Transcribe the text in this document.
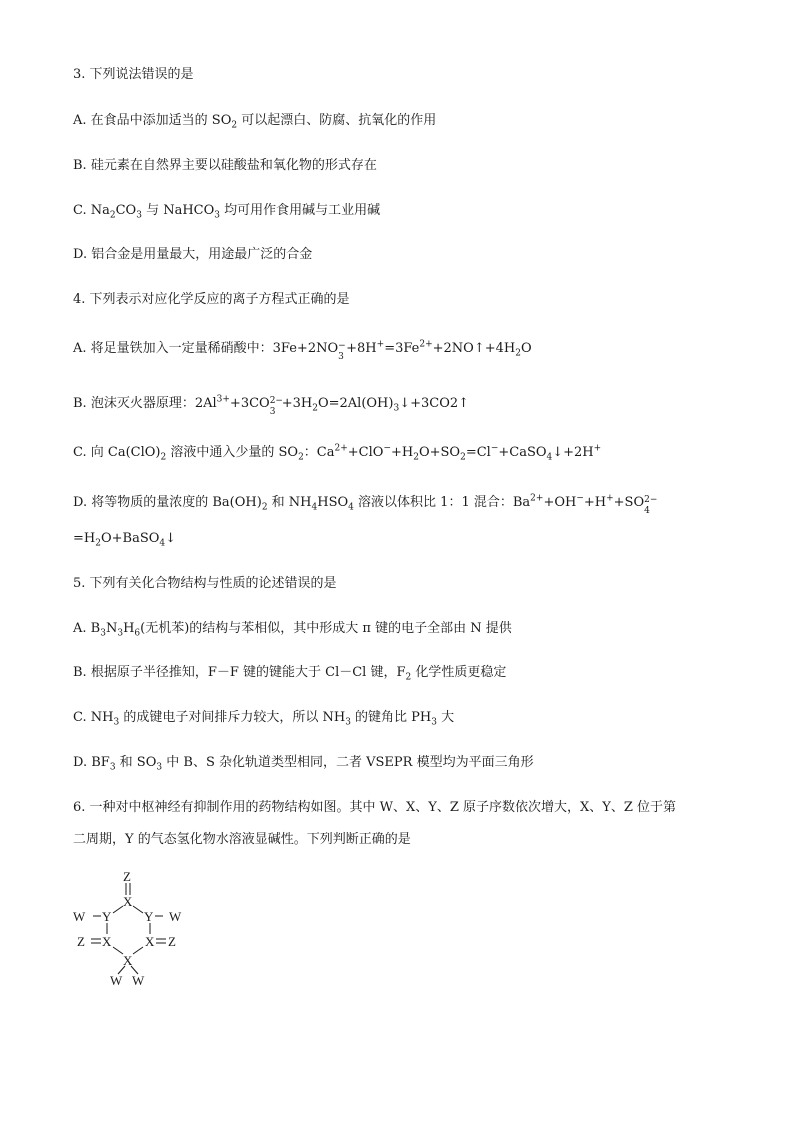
3. 下列说法错误的是
A. 在食品中添加适当的 $SO_2$ 可以起漂白、防腐、抗氧化的作用
B. 硅元素在自然界主要以硅酸盐和氧化物的形式存在
C. $Na_2CO_3$ 与 NaHCO$_3$ 均可用作食用碱与工业用碱
D. 铝合金是用量最大，用途最广泛的合金
4. 下列表示对应化学反应的离子方程式正确的是
A. 将足量铁加入一定量稀硝酸中：3Fe+2NO −
3
$+8H^+=3Fe^{2+}+2NO↑+4H_2O$
B. 泡沫灭火器原理：$2Al^{3+}+3CO$ 2−
3
$+3H_2O=2Al(OH)_3↓+3CO2↑$
C. 向 $Ca(ClO)_2$ 溶液中通入少量的 $SO_2$：$Ca^{2+}+ClO^-+H_2O+SO_2=Cl^-+CaSO_4↓+2H^+$
D. 将等物质的量浓度的 $Ba(OH)_2$ 和 $NH_4HSO_4$ 溶液以体积比 1：1 混合：$Ba^{2+}+OH^-+H^++SO$ 2−
4
$=H_2O+BaSO_4↓$
5. 下列有关化合物结构与性质的论述错误的是
A. $B_3N_3H_6$(无机苯)的结构与苯相似，其中形成大 π 键的电子全部由 N 提供
B. 根据原子半径推知，F－F 键的键能大于 Cl－Cl 键，$F_2$ 化学性质更稳定
C. $NH_3$ 的成键电子对间排斥力较大，所以 $NH_3$ 的键角比 $PH_3$ 大
D. $BF_3$ 和 $SO_3$ 中 B、S 杂化轨道类型相同，二者 VSEPR 模型均为平面三角形
6. 一种对中枢神经有抑制作用的药物结构如图。其中 W、X、Y、Z 原子序数依次增大，X、Y、Z 位于第
二周期，Y 的气态氢化物水溶液显碱性。下列判断正确的是
Z
X
Y
W	Y W
Z X	X Z
X
W W
